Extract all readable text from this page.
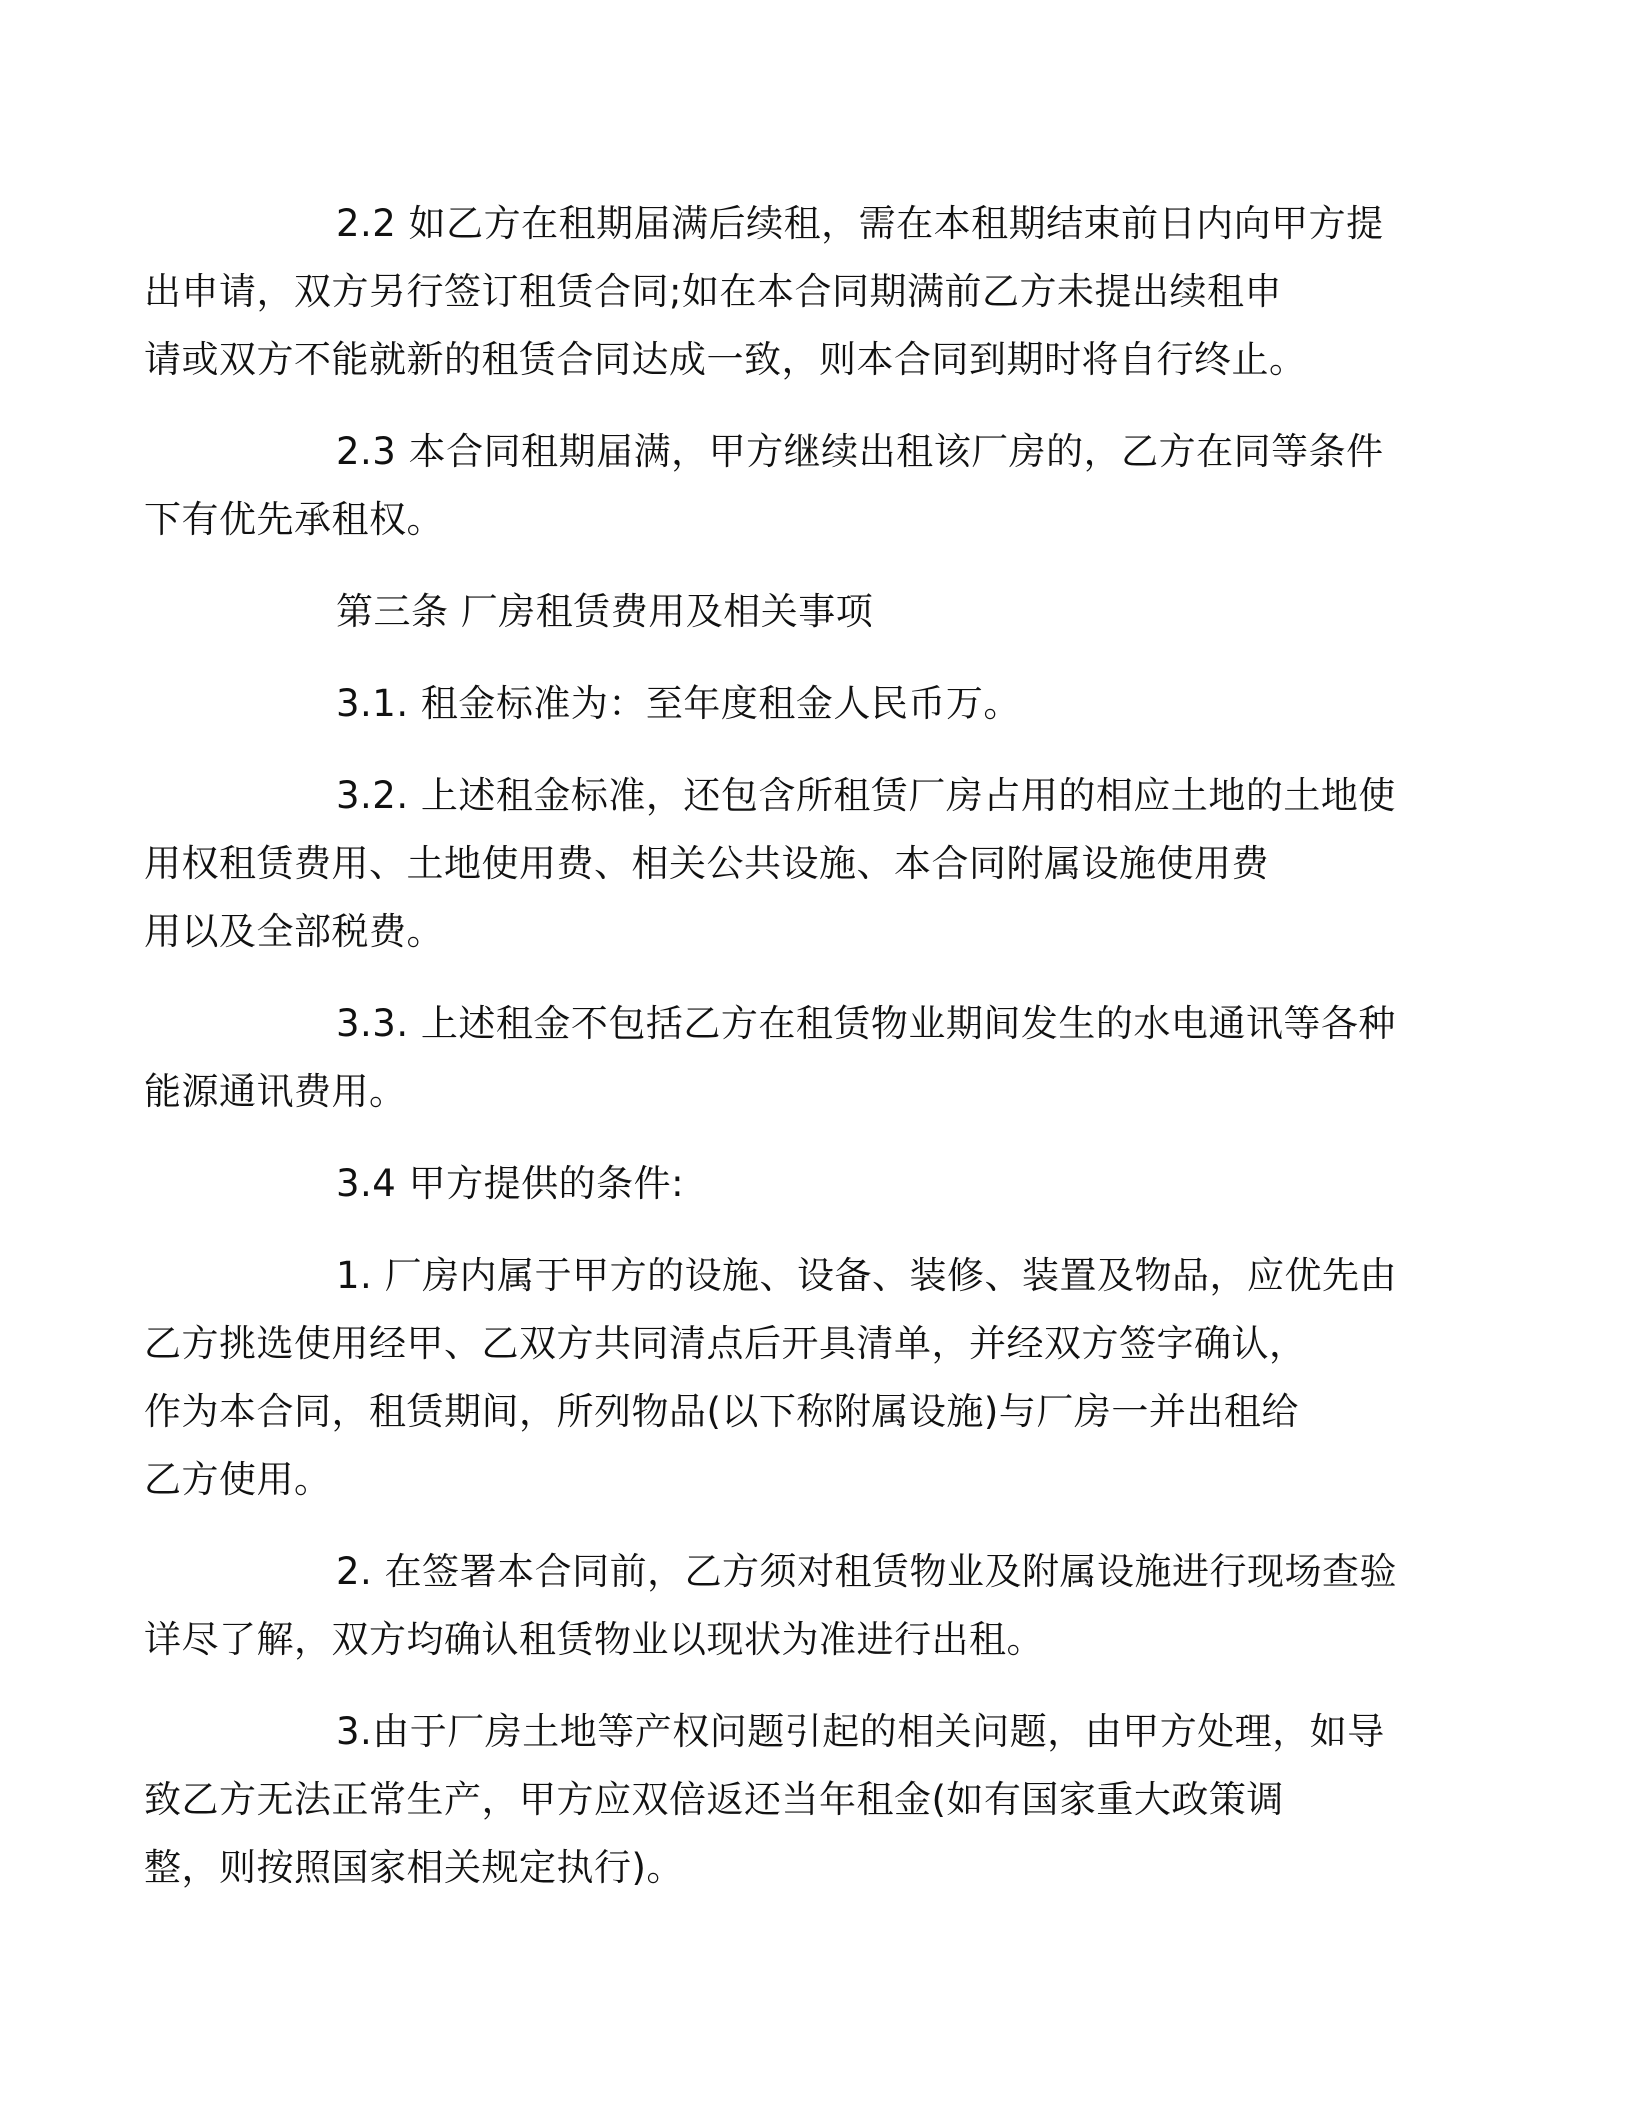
2.2 如乙方在租期届满后续租，需在本租期结束前日内向甲方提
出申请，双方另行签订租赁合同;如在本合同期满前乙方未提出续租申
请或双方不能就新的租赁合同达成一致，则本合同到期时将自行终止。

2.3 本合同租期届满，甲方继续出租该厂房的，乙方在同等条件
下有优先承租权。

第三条 厂房租赁费用及相关事项

3.1. 租金标准为：至年度租金人民币万。

3.2. 上述租金标准，还包含所租赁厂房占用的相应土地的土地使
用权租赁费用、土地使用费、相关公共设施、本合同附属设施使用费
用以及全部税费。

3.3. 上述租金不包括乙方在租赁物业期间发生的水电通讯等各种
能源通讯费用。

3.4 甲方提供的条件:

1. 厂房内属于甲方的设施、设备、装修、装置及物品，应优先由
乙方挑选使用经甲、乙双方共同清点后开具清单，并经双方签字确认，
作为本合同，租赁期间，所列物品(以下称附属设施)与厂房一并出租给
乙方使用。

2. 在签署本合同前，乙方须对租赁物业及附属设施进行现场查验
详尽了解，双方均确认租赁物业以现状为准进行出租。

3.由于厂房土地等产权问题引起的相关问题，由甲方处理，如导
致乙方无法正常生产，甲方应双倍返还当年租金(如有国家重大政策调
整，则按照国家相关规定执行)。
